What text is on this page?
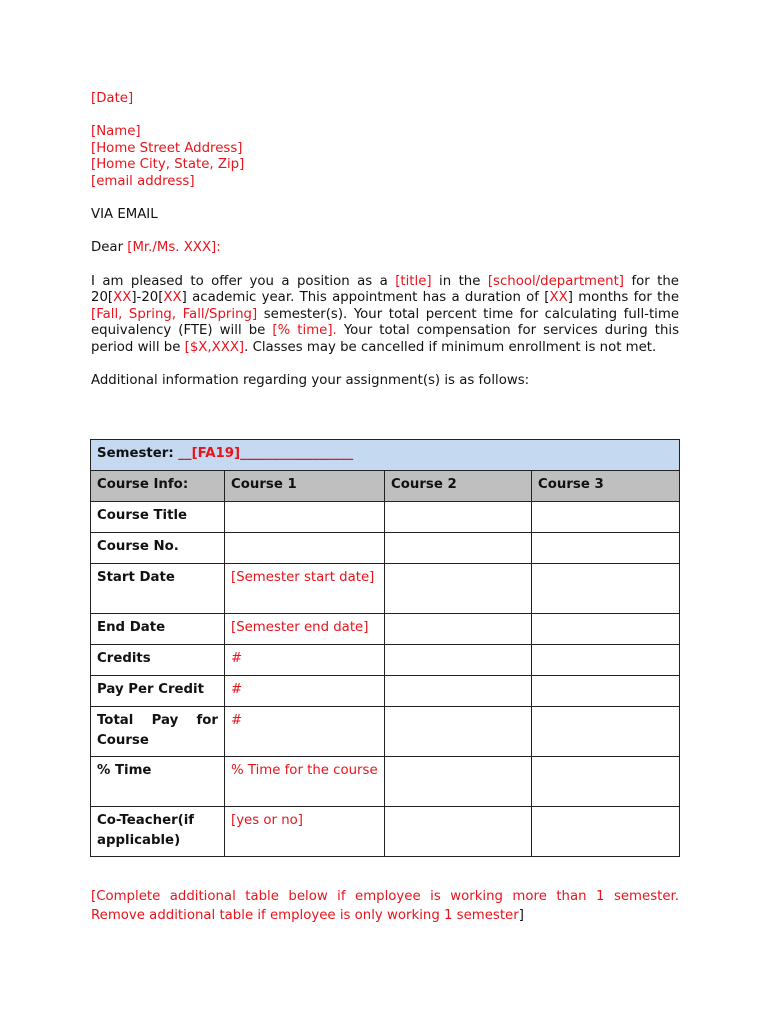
[Date]
[Name]
[Home Street Address]
[Home City, State, Zip]
[email address]
VIA EMAIL
Dear [Mr./Ms. XXX]:
I am pleased to offer you a position as a [title] in the [school/department] for the 20[XX]-20[XX] academic year. This appointment has a duration of [XX] months for the [Fall, Spring, Fall/Spring] semester(s). Your total percent time for calculating full-time equivalency (FTE) will be [% time]. Your total compensation for services during this period will be [$X,XXX]. Classes may be cancelled if minimum enrollment is not met.
Additional information regarding your assignment(s) is as follows:
Semester: __[FA19]_________________			
Course Info:	Course 1	Course 2	Course 3
Course Title			
Course No.			
Start Date	[Semester start date]		
End Date	[Semester end date]		
Credits	#		
Pay Per Credit	#		
Total Pay for Course	#		
% Time	% Time for the course		
Co-Teacher(if applicable)	[yes or no]		
[Complete additional table below if employee is working more than 1 semester. Remove additional table if employee is only working 1 semester]
